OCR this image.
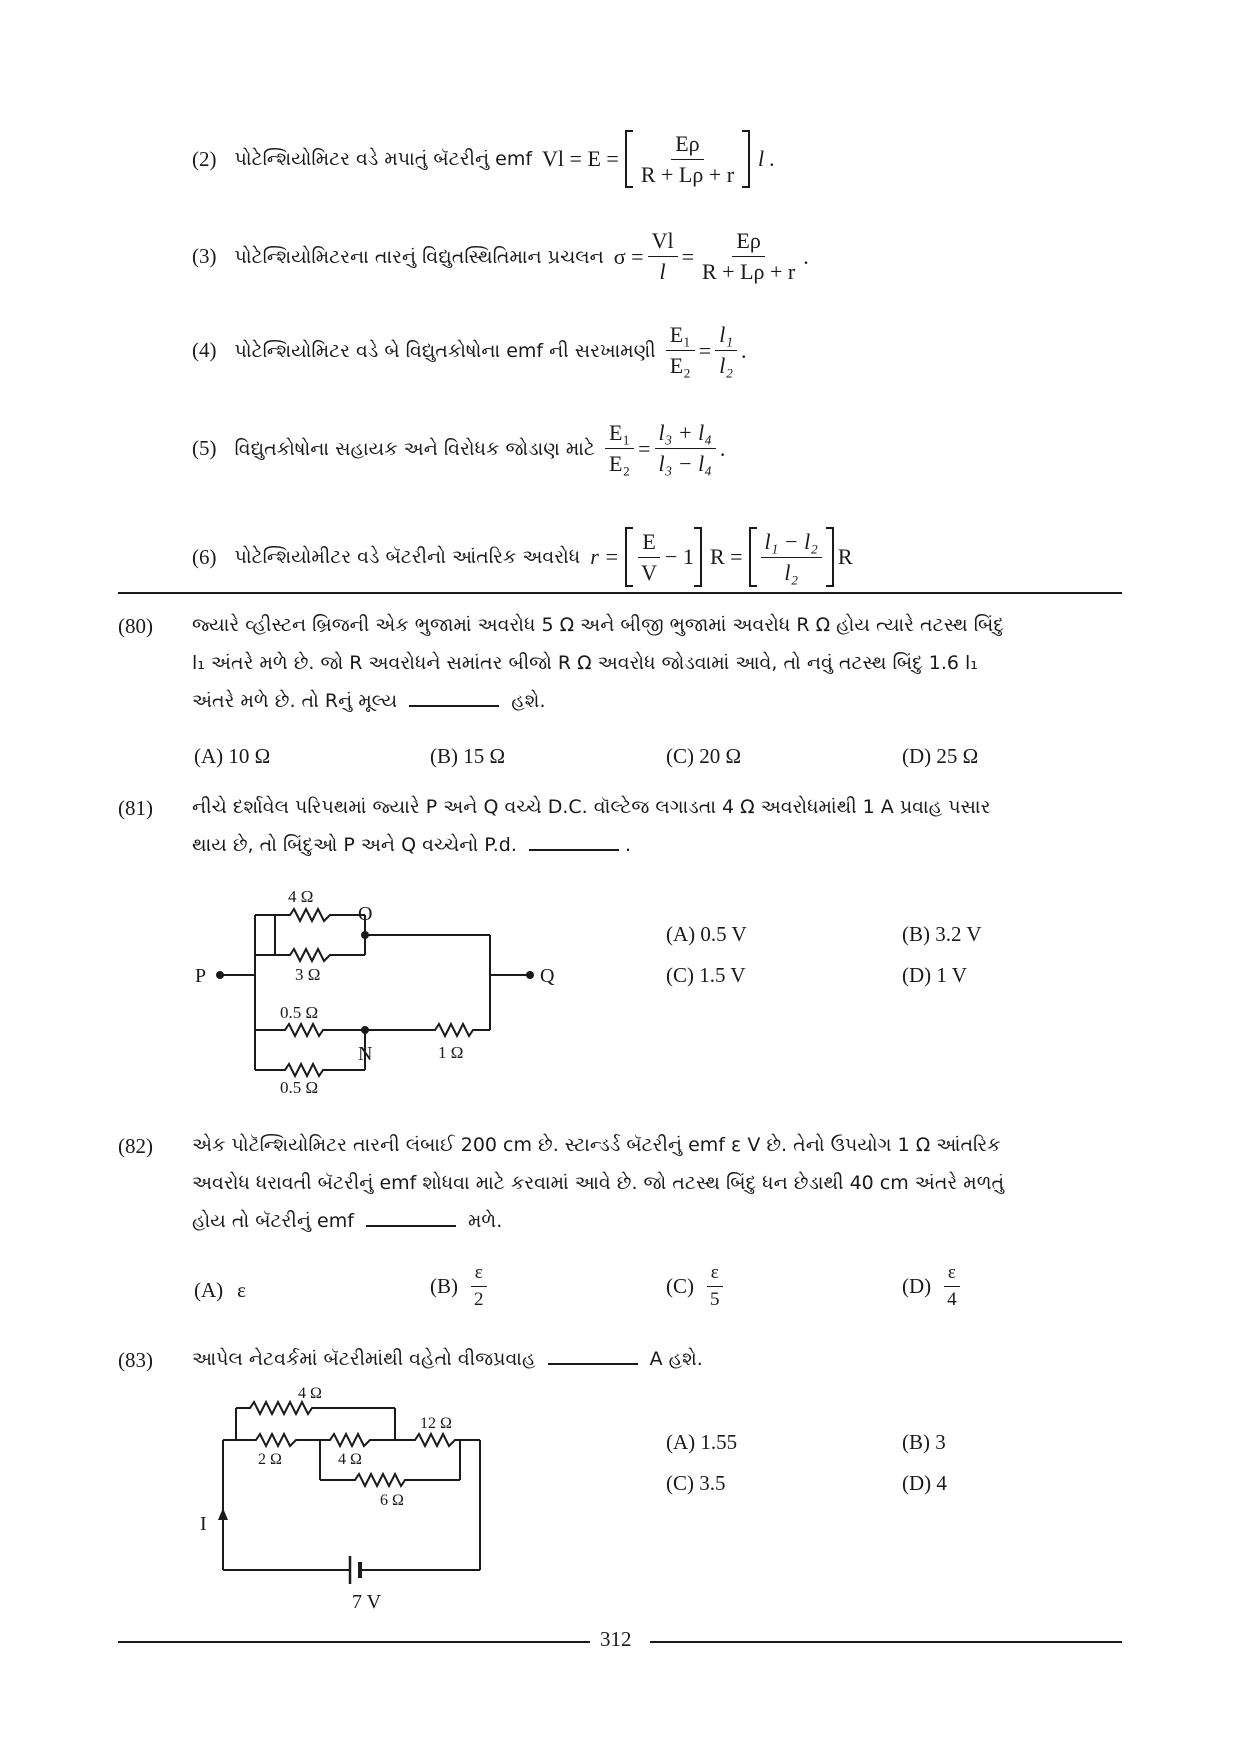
(2) પોટેન્શિયોમિટર વડે મપાતું બૅટરીનું emf $Vl = E = \frac{E\rho}{R + L\rho + r}$ l .
(3) પોટેન્શિયોમિટરના તારનું વિદ્યુતસ્થિતિમાન પ્રચલન $\sigma = \frac{Vl}{l} = \frac{E\rho}{R + L\rho + r}$ .
(4) પોટેન્શિયોમિટર વડે બે વિદ્યુતકોષોના emf ની સરખામણી $\frac{\text{E₁}}{\text{E₂}} = \frac{\text{l₁}}{\text{l₂}}$ .
(5) વિદ્યુતકોષોના સહાયક અને વિરોધક જોડાણ માટે $\frac{\text{E₁}}{\text{E₂}} = \frac{\text{l₃ + l₄}}{\text{l₃ − l₄}}$ .
(6) પોટેન્શિયોમીટર વડે બૅટરીનો આંતરિક અવરોધ $r = \frac{E}{V} - 1$ $R = \frac{\text{l₁ − l₂}}{\text{l₂}}$ R
(80) જ્યારે વ્હીસ્ટન બ્રિજની એક ભુજામાં અવરોધ 5 Ω અને બીજી ભુજામાં અવરોધ R Ω હોય ત્યારે તટસ્થ બિંદુ
l₁ અંતરે મળે છે. જો R અવરોધને સમાંતર બીજો R Ω અવરોધ જોડવામાં આવે, તો નવું તટસ્થ બિંદુ 1.6 l₁
અંતરે મળે છે. તો Rનું મૂલ્ય	હશે.
(A) 10 Ω	(B) 15 Ω	(C) 20 Ω	(D) 25 Ω
(81) નીચે દર્શાવેલ પરિપથમાં જ્યારે P અને Q વચ્ચે D.C. વૉલ્ટેજ લગાડતા 4 Ω અવરોધમાંથી 1 A પ્રવાહ પસાર
થાય છે, તો બિંદુઓ P અને Q વચ્ચેનો P.d.	.
4 Ω
3 Ω
0.5 Ω
0.5 Ω
1 Ω
O
N
P	Q
(A) 0.5 V	(B) 3.2 V
(C) 1.5 V	(D) 1 V
(82) એક પોટૅન્શિયોમિટર તારની લંબાઈ 200 cm છે. સ્ટાન્ડર્ડ બૅટરીનું emf ε V છે. તેનો ઉપયોગ 1 Ω આંતરિક
અવરોધ ધરાવતી બૅટરીનું emf શોધવા માટે કરવામાં આવે છે. જો તટસ્થ બિંદુ ધન છેડાથી 40 cm અંતરે મળતું
હોય તો બૅટરીનું emf	મળે.
(A) ε	$(B) \frac{\varepsilon}{2}$	$(C) \frac{\varepsilon}{5}$	$(D) \frac{\varepsilon}{4}$
(83) આપેલ નેટવર્કમાં બૅટરીમાંથી વહેતો વીજપ્રવાહ	A હશે.
4 Ω
2 Ω	4 Ω
12 Ω
6 Ω
I
7 V
(A) 1.55	(B) 3
(C) 3.5	(D) 4
312
